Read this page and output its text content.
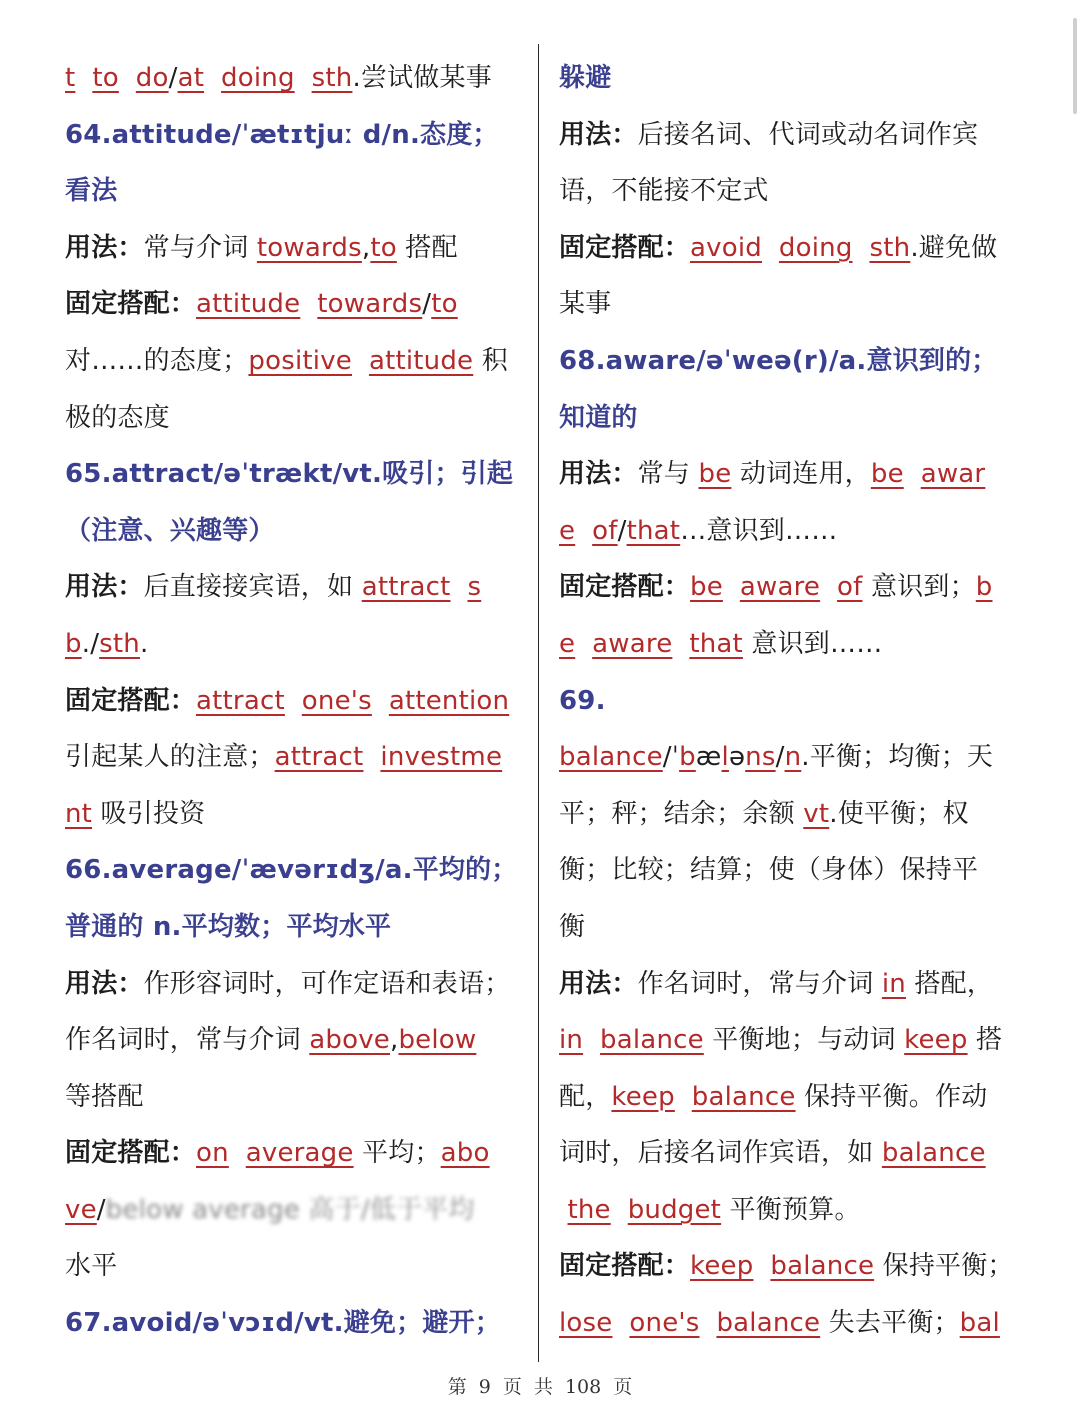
t to do/at doing sth.尝试做某事

64.attitude/ˈætɪtjuː d/n.态度；

看法

用法：常与介词 towards,to 搭配

固定搭配：attitude towards/to

对……的态度；positive attitude 积

极的态度

65.attract/əˈtrækt/vt.吸引；引起

（注意、兴趣等）

用法：后直接接宾语，如 attract s

b./sth.

固定搭配：attract one's attention

引起某人的注意；attract investme

nt 吸引投资

66.average/ˈævərɪdʒ/a.平均的；

普通的 n.平均数；平均水平

用法：作形容词时，可作定语和表语；

作名词时，常与介词 above,below

等搭配

固定搭配：on average 平均；abo

ve/below average 高于/低于平均

水平

67.avoid/əˈvɔɪd/vt.避免；避开；

躲避

用法：后接名词、代词或动名词作宾

语，不能接不定式

固定搭配：avoid doing sth.避免做

某事

68.aware/əˈweə(r)/a.意识到的；

知道的

用法：常与 be 动词连用，be awar

e of/that…意识到……

固定搭配：be aware of 意识到；b

e aware that 意识到……

69.

balance/ˈbæləns/n.平衡；均衡；天

平；秤；结余；余额 vt.使平衡；权

衡；比较；结算；使（身体）保持平

衡

用法：作名词时，常与介词 in 搭配，

in balance 平衡地；与动词 keep 搭

配，keep balance 保持平衡。作动

词时，后接名词作宾语，如 balance

the budget 平衡预算。

固定搭配：keep balance 保持平衡；

lose one's balance 失去平衡；bal

第 9 页 共 108 页
